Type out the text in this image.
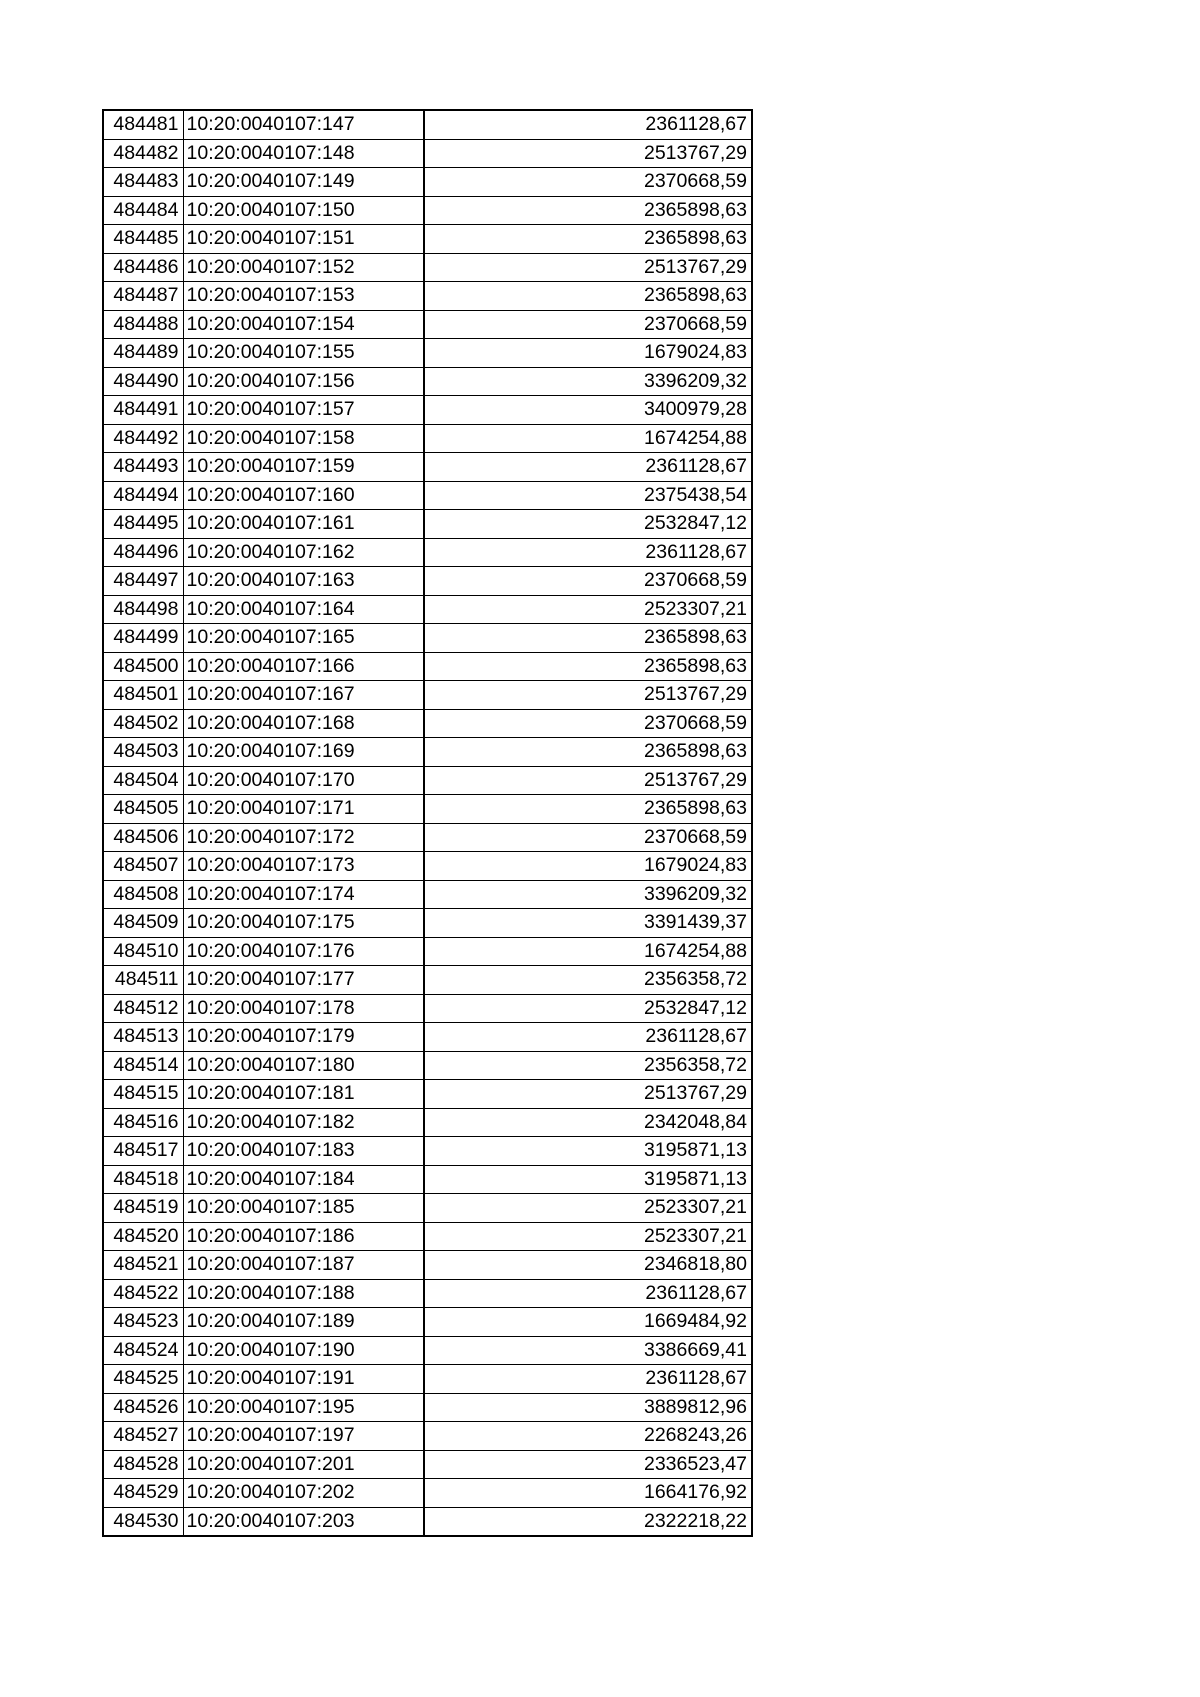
484481	10:20:0040107:147	2361128,67
484482	10:20:0040107:148	2513767,29
484483	10:20:0040107:149	2370668,59
484484	10:20:0040107:150	2365898,63
484485	10:20:0040107:151	2365898,63
484486	10:20:0040107:152	2513767,29
484487	10:20:0040107:153	2365898,63
484488	10:20:0040107:154	2370668,59
484489	10:20:0040107:155	1679024,83
484490	10:20:0040107:156	3396209,32
484491	10:20:0040107:157	3400979,28
484492	10:20:0040107:158	1674254,88
484493	10:20:0040107:159	2361128,67
484494	10:20:0040107:160	2375438,54
484495	10:20:0040107:161	2532847,12
484496	10:20:0040107:162	2361128,67
484497	10:20:0040107:163	2370668,59
484498	10:20:0040107:164	2523307,21
484499	10:20:0040107:165	2365898,63
484500	10:20:0040107:166	2365898,63
484501	10:20:0040107:167	2513767,29
484502	10:20:0040107:168	2370668,59
484503	10:20:0040107:169	2365898,63
484504	10:20:0040107:170	2513767,29
484505	10:20:0040107:171	2365898,63
484506	10:20:0040107:172	2370668,59
484507	10:20:0040107:173	1679024,83
484508	10:20:0040107:174	3396209,32
484509	10:20:0040107:175	3391439,37
484510	10:20:0040107:176	1674254,88
484511	10:20:0040107:177	2356358,72
484512	10:20:0040107:178	2532847,12
484513	10:20:0040107:179	2361128,67
484514	10:20:0040107:180	2356358,72
484515	10:20:0040107:181	2513767,29
484516	10:20:0040107:182	2342048,84
484517	10:20:0040107:183	3195871,13
484518	10:20:0040107:184	3195871,13
484519	10:20:0040107:185	2523307,21
484520	10:20:0040107:186	2523307,21
484521	10:20:0040107:187	2346818,80
484522	10:20:0040107:188	2361128,67
484523	10:20:0040107:189	1669484,92
484524	10:20:0040107:190	3386669,41
484525	10:20:0040107:191	2361128,67
484526	10:20:0040107:195	3889812,96
484527	10:20:0040107:197	2268243,26
484528	10:20:0040107:201	2336523,47
484529	10:20:0040107:202	1664176,92
484530	10:20:0040107:203	2322218,22
